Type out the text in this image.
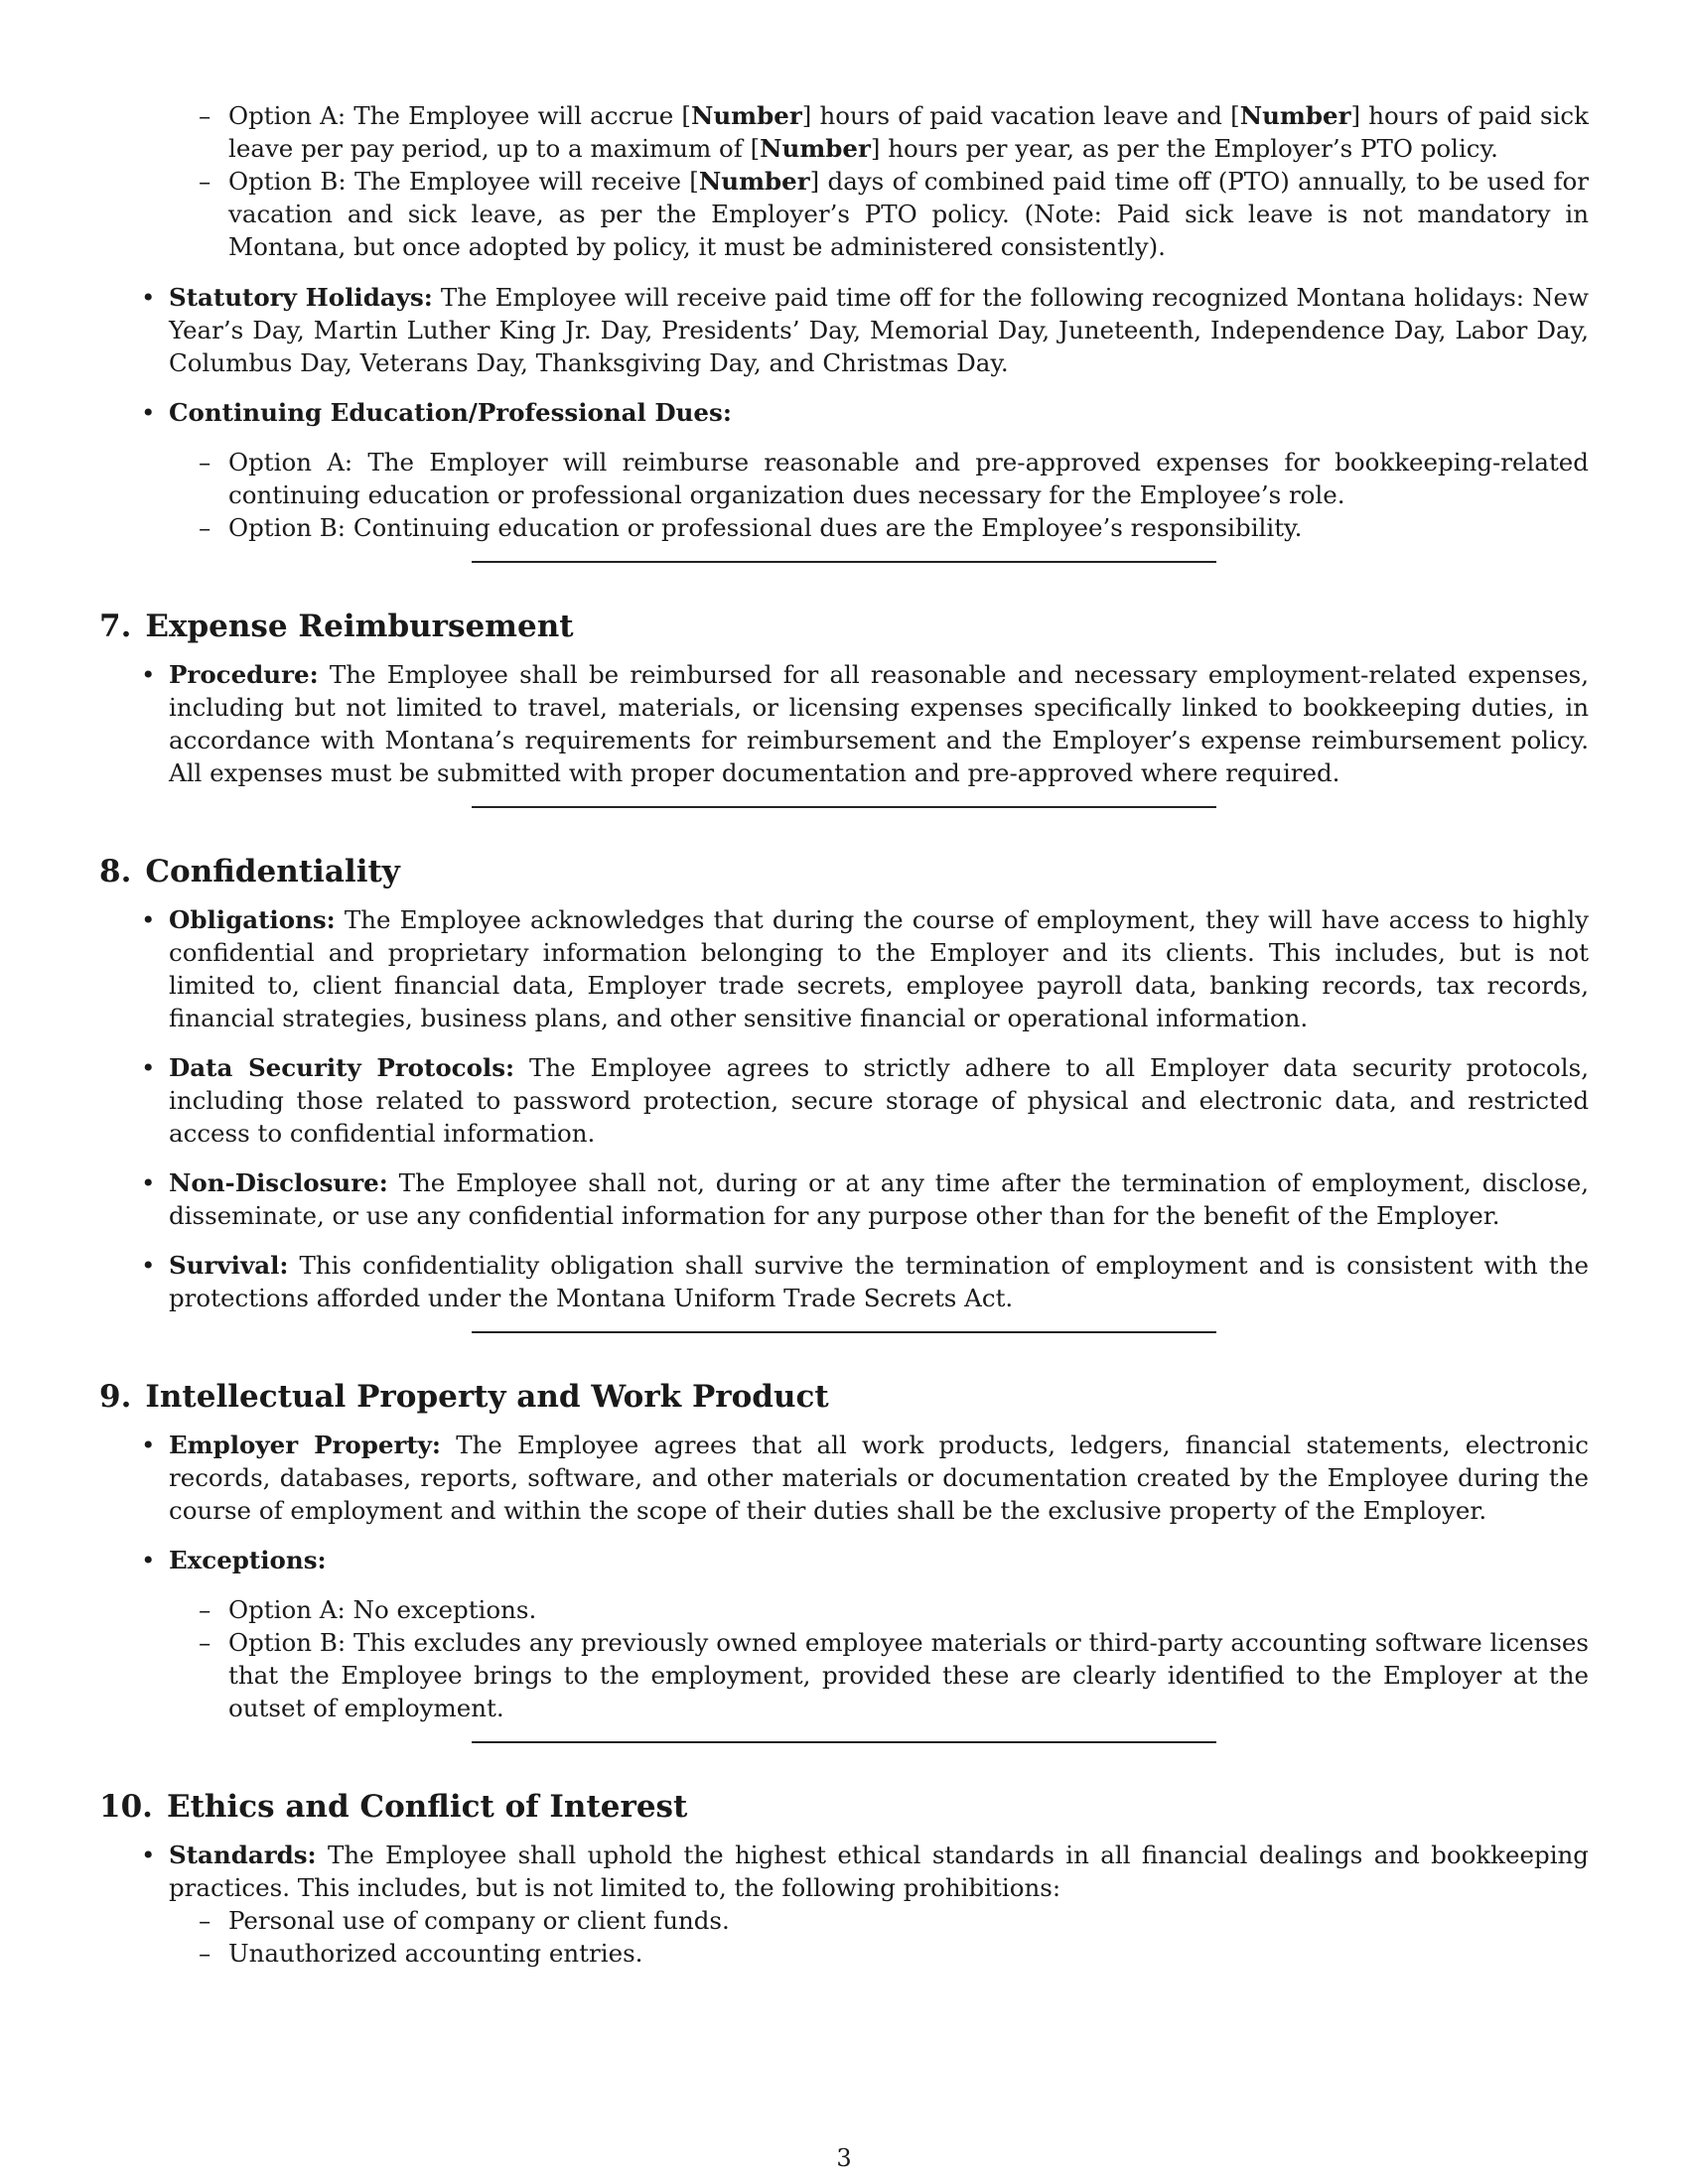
– Option A: The Employee will accrue [Number] hours of paid vacation leave and [Number] hours of paid sick leave per pay period, up to a maximum of [Number] hours per year, as per the Employer’s PTO policy.
– Option B: The Employee will receive [Number] days of combined paid time off (PTO) annually, to be used for vacation and sick leave, as per the Employer’s PTO policy. (Note: Paid sick leave is not mandatory in Montana, but once adopted by policy, it must be administered consistently).
• Statutory Holidays: The Employee will receive paid time off for the following recognized Montana holidays: New Year’s Day, Martin Luther King Jr. Day, Presidents’ Day, Memorial Day, Juneteenth, Independence Day, Labor Day, Columbus Day, Veterans Day, Thanksgiving Day, and Christmas Day.
• Continuing Education/Professional Dues:
– Option A: The Employer will reimburse reasonable and pre-approved expenses for bookkeeping-related continuing education or professional organization dues necessary for the Employee’s role.
– Option B: Continuing education or professional dues are the Employee’s responsibility.
7. Expense Reimbursement
• Procedure: The Employee shall be reimbursed for all reasonable and necessary employment-related expenses, including but not limited to travel, materials, or licensing expenses specifically linked to bookkeeping duties, in accordance with Montana’s requirements for reimbursement and the Employer’s expense reimbursement policy. All expenses must be submitted with proper documentation and pre-approved where required.
8. Confidentiality
• Obligations: The Employee acknowledges that during the course of employment, they will have access to highly confidential and proprietary information belonging to the Employer and its clients. This includes, but is not limited to, client financial data, Employer trade secrets, employee payroll data, banking records, tax records, financial strategies, business plans, and other sensitive financial or operational information.
• Data Security Protocols: The Employee agrees to strictly adhere to all Employer data security protocols, including those related to password protection, secure storage of physical and electronic data, and restricted access to confidential information.
• Non-Disclosure: The Employee shall not, during or at any time after the termination of employment, disclose, disseminate, or use any confidential information for any purpose other than for the benefit of the Employer.
• Survival: This confidentiality obligation shall survive the termination of employment and is consistent with the protections afforded under the Montana Uniform Trade Secrets Act.
9. Intellectual Property and Work Product
• Employer Property: The Employee agrees that all work products, ledgers, financial statements, electronic records, databases, reports, software, and other materials or documentation created by the Employee during the course of employment and within the scope of their duties shall be the exclusive property of the Employer.
• Exceptions:
– Option A: No exceptions.
– Option B: This excludes any previously owned employee materials or third-party accounting software licenses that the Employee brings to the employment, provided these are clearly identified to the Employer at the outset of employment.
10. Ethics and Conflict of Interest
• Standards: The Employee shall uphold the highest ethical standards in all financial dealings and bookkeeping practices. This includes, but is not limited to, the following prohibitions:
– Personal use of company or client funds.
– Unauthorized accounting entries.
3
